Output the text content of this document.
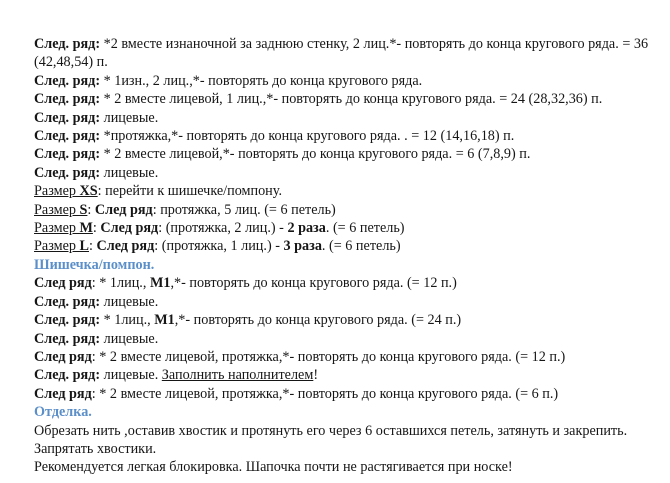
След. ряд: *2 вместе изнаночной за заднюю стенку, 2 лиц.*- повторять до конца кругового ряда. = 36 (42,48,54) п.
След. ряд: * 1изн., 2 лиц.,*- повторять до конца кругового ряда.
След. ряд: * 2 вместе лицевой, 1 лиц.,*- повторять до конца кругового ряда. = 24 (28,32,36) п.
След. ряд: лицевые.
След. ряд: *протяжка,*- повторять до конца кругового ряда. . = 12 (14,16,18) п.
След. ряд: * 2 вместе лицевой,*- повторять до конца кругового ряда. = 6 (7,8,9) п.
След. ряд: лицевые.
Размер XS: перейти к шишечке/помпону.
Размер S: След ряд: протяжка, 5 лиц. (= 6 петель)
Размер M: След ряд: (протяжка, 2 лиц.) - 2 раза. (= 6 петель)
Размер L: След ряд: (протяжка, 1 лиц.) - 3 раза. (= 6 петель)
Шишечка/помпон.
След ряд: * 1лиц., M1,*- повторять до конца кругового ряда. (= 12 п.)
След. ряд: лицевые.
След. ряд: * 1лиц., M1,*- повторять до конца кругового ряда. (= 24 п.)
След. ряд: лицевые.
След ряд: * 2 вместе лицевой, протяжка,*- повторять до конца кругового ряда. (= 12 п.)
След. ряд: лицевые. Заполнить наполнителем!
След ряд: * 2 вместе лицевой, протяжка,*- повторять до конца кругового ряда. (= 6 п.)
Отделка.
Обрезать нить ,оставив хвостик и протянуть его через 6 оставшихся петель, затянуть и закрепить. Запрятать хвостики.
Рекомендуется легкая блокировка. Шапочка почти не растягивается при носке!
